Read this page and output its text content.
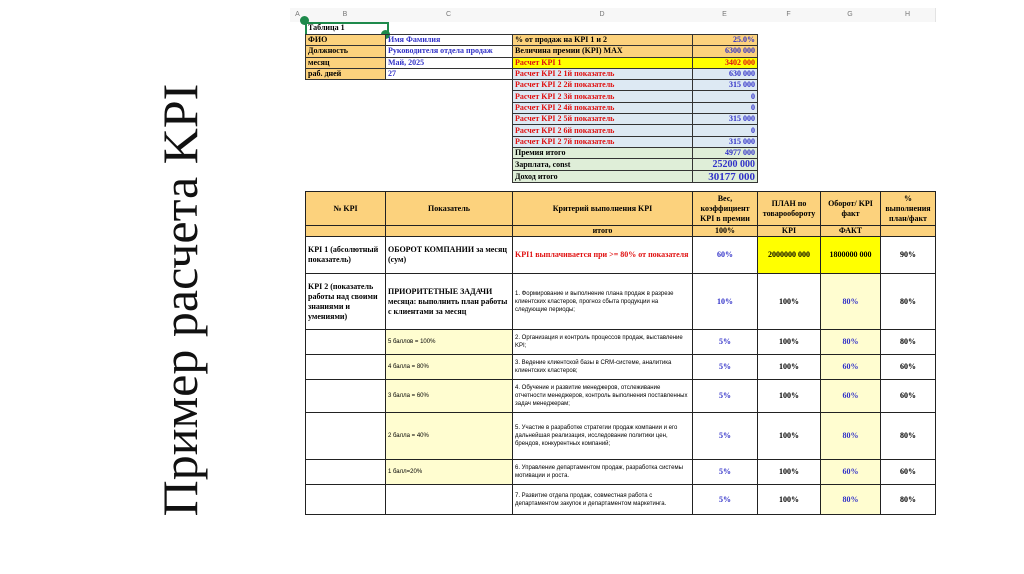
Пример расчета KPI
A	B	C	D	E	F	G	H
Таблица 1
ФИО	Имя Фамилия
Должность	Руководителя отдела продаж
месяц	Май, 2025
раб. дней	27
% от продаж на KPI 1 и 2	25.0%
Величина премии (KPI) MAX	6300 000
Расчет KPI 1	3402 000
Расчет KPI 2 1й показатель	630 000
Расчет KPI 2 2й показатель	315 000
Расчет KPI 2 3й показатель	0
Расчет KPI 2 4й показатель	0
Расчет KPI 2 5й показатель	315 000
Расчет KPI 2 6й показатель	0
Расчет KPI 2 7й показатель	315 000
Премия итого	4977 000
Зарплата, const	25200 000
Доход итого	30177 000
№ KPI	Показатель	Критерий выполнения KPI	Вес, коэффициент KPI в премии	ПЛАН по товарообороту	Оборот/ KPI факт	% выполнения план/факт
		итого	100%	KPI	ФАКТ	
KPI 1 (абсолютный показатель)	ОБОРОТ КОМПАНИИ за месяц (сум)	KPI1 выплачивается при >= 80% от показателя	60%	2000000 000	1800000 000	90%
KPI 2 (показатель работы над своими знаниями и умениями)	ПРИОРИТЕТНЫЕ ЗАДАЧИ месяца: выполнить план работы с клиентами за месяц	1. Формирование и выполнение плана продаж в разрезе клиентских кластеров, прогноз сбыта продукции на следующие периоды;	10%	100%	80%	80%
	5 баллов = 100%	2. Организация и контроль процессов продаж, выставление KPI;	5%	100%	80%	80%
	4 балла = 80%	3. Ведение клиентской базы в CRM-системе, аналитика клиентских кластеров;	5%	100%	60%	60%
	3 балла = 60%	4. Обучение и развитие менеджеров, отслеживание отчетности менеджеров, контроль выполнения поставленных задач менеджерам;	5%	100%	60%	60%
	2 балла = 40%	5. Участие в разработке стратегии продаж компании и его дальнейшая реализация, исследование политики цен, брендов, конкурентных компаний;	5%	100%	80%	80%
	1 балл=20%	6. Управление департаментом продаж, разработка системы мотивации и роста.	5%	100%	60%	60%
		7. Развитие отдела продаж, совместная работа с департаментом закупок и департаментом маркетинга.	5%	100%	80%	80%
